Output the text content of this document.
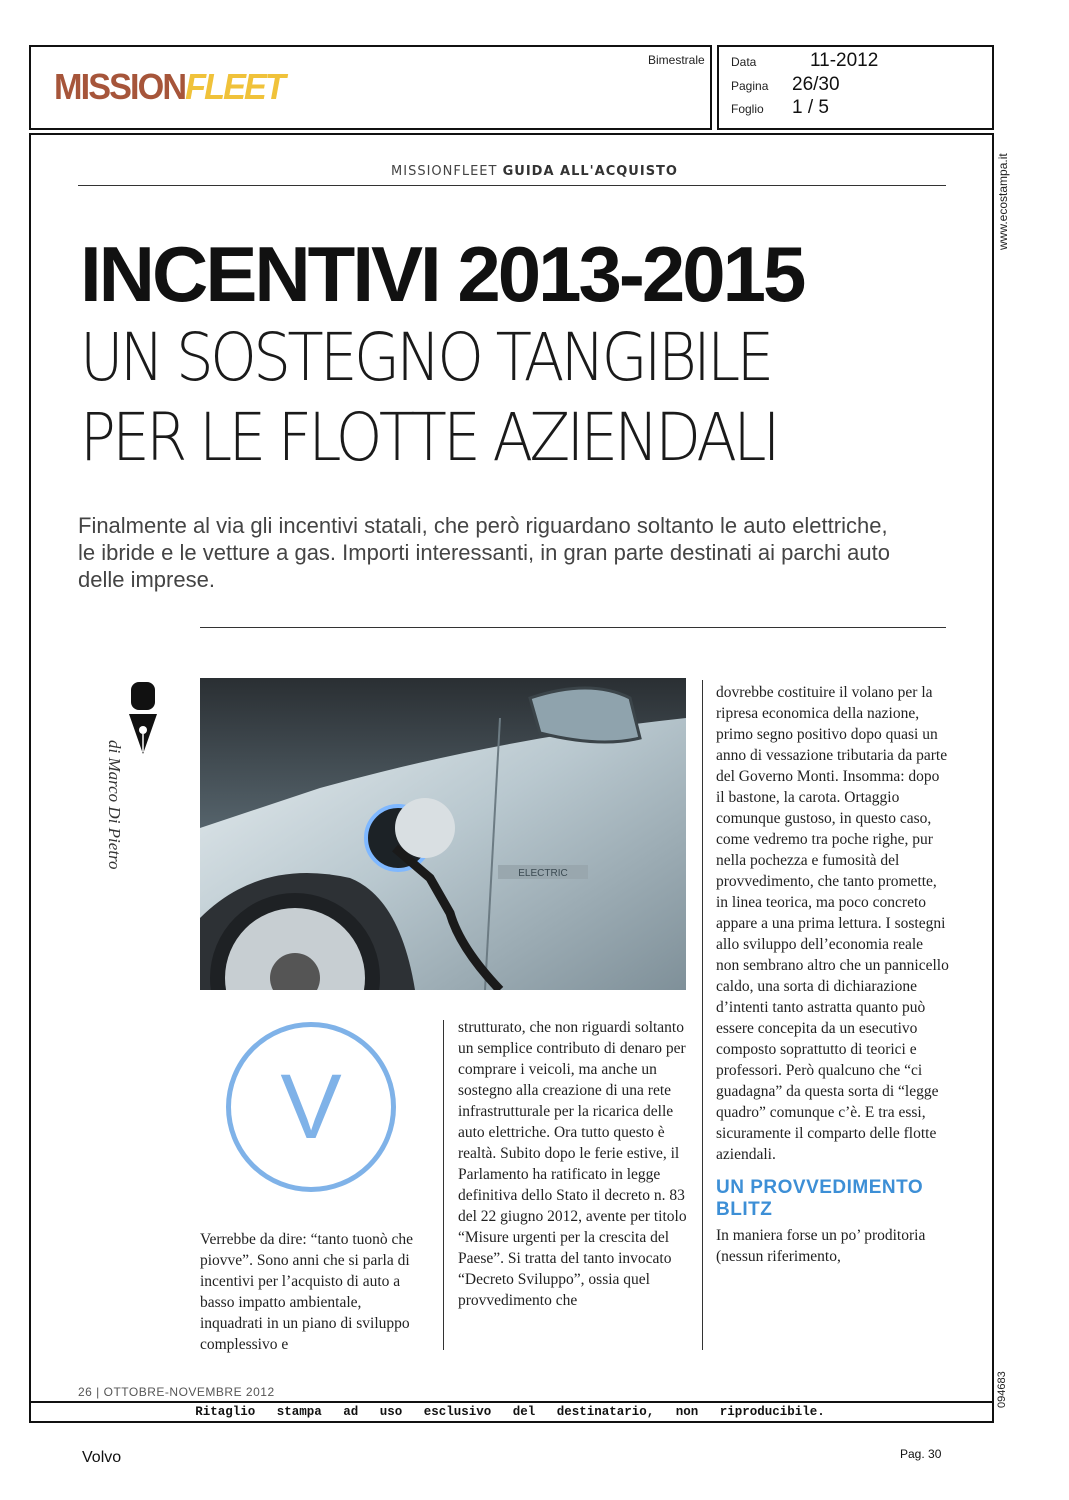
MISSIONFLEET
Bimestrale Data	11-2012
Pagina 26/30
Foglio 1 / 5
www.ecostampa.it
094683
MISSIONFLEET GUIDA ALL'ACQUISTO
INCENTIVI 2013-2015
UN SOSTEGNO TANGIBILE
PER LE FLOTTE AZIENDALI
Finalmente al via gli incentivi statali, che però riguardano soltanto le auto elettriche, le ibride e le vetture a gas. Importi interessanti, in gran parte destinati ai parchi auto delle imprese.
di Marco Di Pietro
ELECTRIC
V
Verrebbe da dire: “tanto tuonò che piovve”. Sono anni che si parla di incentivi per l’acquisto di auto a basso impatto ambientale, inquadrati in un piano di sviluppo complessivo e
strutturato, che non riguardi soltanto un semplice contributo di denaro per comprare i veicoli, ma anche un sostegno alla creazione di una rete infrastrutturale per la ricarica delle auto elettriche. Ora tutto questo è realtà. Subito dopo le ferie estive, il Parlamento ha ratificato in legge definitiva dello Stato il decreto n. 83 del 22 giugno 2012, avente per titolo “Misure urgenti per la crescita del Paese”. Si tratta del tanto invocato “Decreto Sviluppo”, ossia quel provvedimento che
dovrebbe costituire il volano per la ripresa economica della nazione, primo segno positivo dopo quasi un anno di vessazione tributaria da parte del Governo Monti. Insomma: dopo il bastone, la carota. Ortaggio comunque gustoso, in questo caso, come vedremo tra poche righe, pur nella pochezza e fumosità del provvedimento, che tanto promette, in linea teorica, ma poco concreto appare a una prima lettura. I sostegni allo sviluppo dell’economia reale non sembrano altro che un pannicello caldo, una sorta di dichiarazione d’intenti tanto astratta quanto può essere concepita da un esecutivo composto soprattutto di teorici e professori. Però qualcuno che “ci guadagna” da questa sorta di “legge quadro” comunque c’è. E tra essi, sicuramente il comparto delle flotte aziendali.
UN PROVVEDIMENTO BLITZ
In maniera forse un po’ proditoria (nessun riferimento,
26 | OTTOBRE-NOVEMBRE 2012
Ritaglio stampa ad uso esclusivo del destinatario, non riproducibile.
Volvo	Pag. 30
